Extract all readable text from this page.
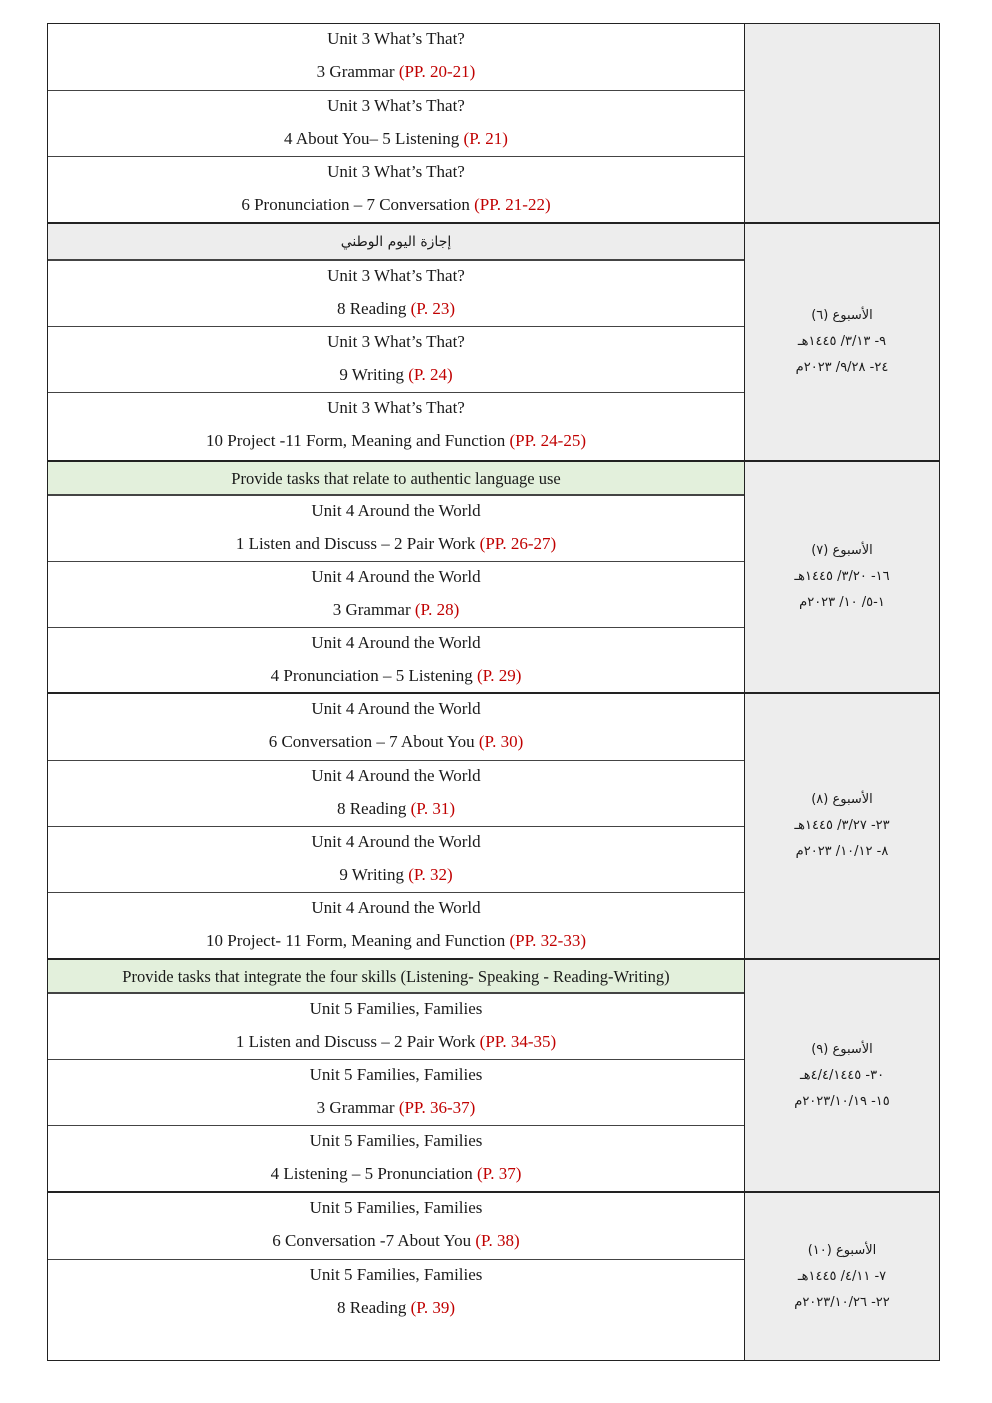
Unit 3 What’s That?
3 Grammar (PP. 20-21)
Unit 3 What’s That?
4 About You– 5 Listening (P. 21)
Unit 3 What’s That?
6 Pronunciation – 7 Conversation (PP. 21-22)
إجازة اليوم الوطني
Unit 3 What’s That?
8 Reading (P. 23)
Unit 3 What’s That?
9 Writing (P. 24)
Unit 3 What’s That?
10 Project -11 Form, Meaning and Function (PP. 24-25)
الأسبوع (٦)
٩- ٣/١٣/ ١٤٤٥هـ
٢٤- ٩/٢٨/ ٢٠٢٣م
Provide tasks that relate to authentic language use
Unit 4 Around the World
1 Listen and Discuss – 2 Pair Work (PP. 26-27)
Unit 4 Around the World
3 Grammar (P. 28)
Unit 4 Around the World
4 Pronunciation – 5 Listening (P. 29)
الأسبوع (٧)
١٦- ٣/٢٠/ ١٤٤٥هـ
١-٥/ ١٠/ ٢٠٢٣م
Unit 4 Around the World
6 Conversation – 7 About You (P. 30)
Unit 4 Around the World
8 Reading (P. 31)
Unit 4 Around the World
9 Writing (P. 32)
Unit 4 Around the World
10 Project- 11 Form, Meaning and Function (PP. 32-33)
الأسبوع (٨)
٢٣- ٣/٢٧/ ١٤٤٥هـ
٨- ١٠/١٢/ ٢٠٢٣م
Provide tasks that integrate the four skills (Listening- Speaking - Reading-Writing)
Unit 5 Families, Families
1 Listen and Discuss – 2 Pair Work (PP. 34-35)
Unit 5 Families, Families
3 Grammar (PP. 36-37)
Unit 5 Families, Families
4 Listening – 5 Pronunciation (P. 37)
الأسبوع (٩)
٣٠- ٤/٤/١٤٤٥هـ
١٥- ٢٠٢٣/١٠/١٩م
Unit 5 Families, Families
6 Conversation -7 About You (P. 38)
Unit 5 Families, Families
8 Reading (P. 39)
الأسبوع (١٠)
٧- ٤/١١/ ١٤٤٥هـ
٢٢- ٢٠٢٣/١٠/٢٦م
